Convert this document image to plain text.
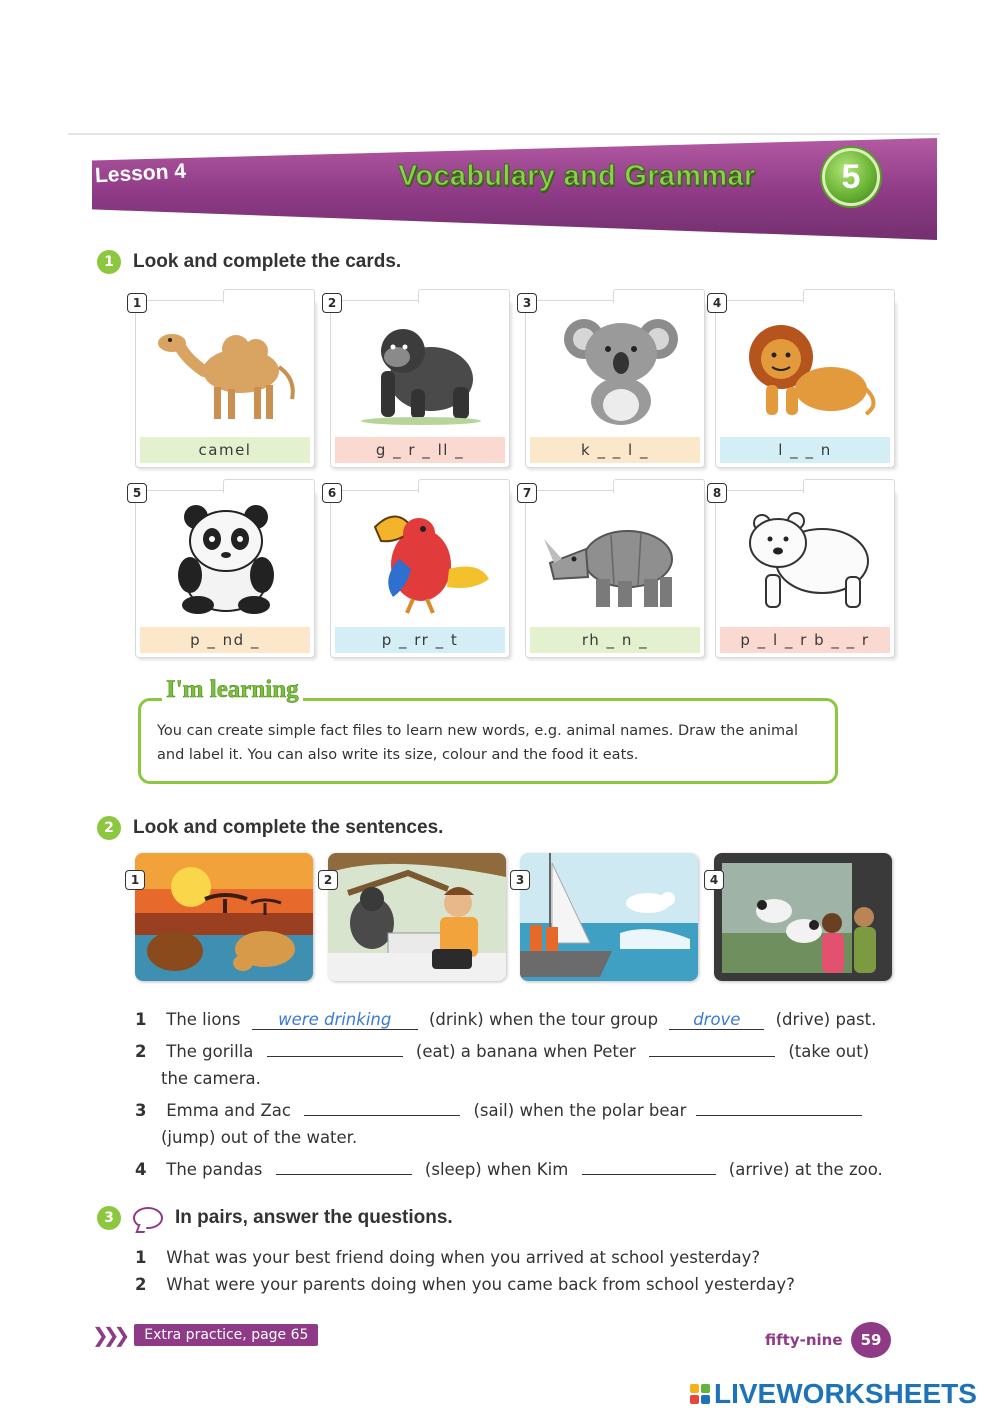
Lesson 4	Vocabulary and Grammar	5
1	Look and complete the cards.
1
camel
2
g _ r _ ll _
3
k _ _ l _
4
l _ _ n
5
p _ nd _
6
p _ rr _ t
7
rh _ n _
8
p _ l _ r b _ _ r
I'm learning

You can create simple fact files to learn new words, e.g. animal names. Draw the animal and label it. You can also write its size, colour and the food it eats.

2	Look and complete the sentences.
1	2	3	4
1 The lions were drinking (drink) when the tour group drove (drive) past.
2 The gorilla	(eat) a banana when Peter	(take out)
the camera.
3 Emma and Zac	(sail) when the polar bear
(jump) out of the water.
4 The pandas	(sleep) when Kim	(arrive) at the zoo.
3	In pairs, answer the questions.
1 What was your best friend doing when you arrived at school yesterday?
2 What were your parents doing when you came back from school yesterday?
❯❯❯	Extra practice, page 65	fifty-nine	59
LIVEWORKSHEETS
